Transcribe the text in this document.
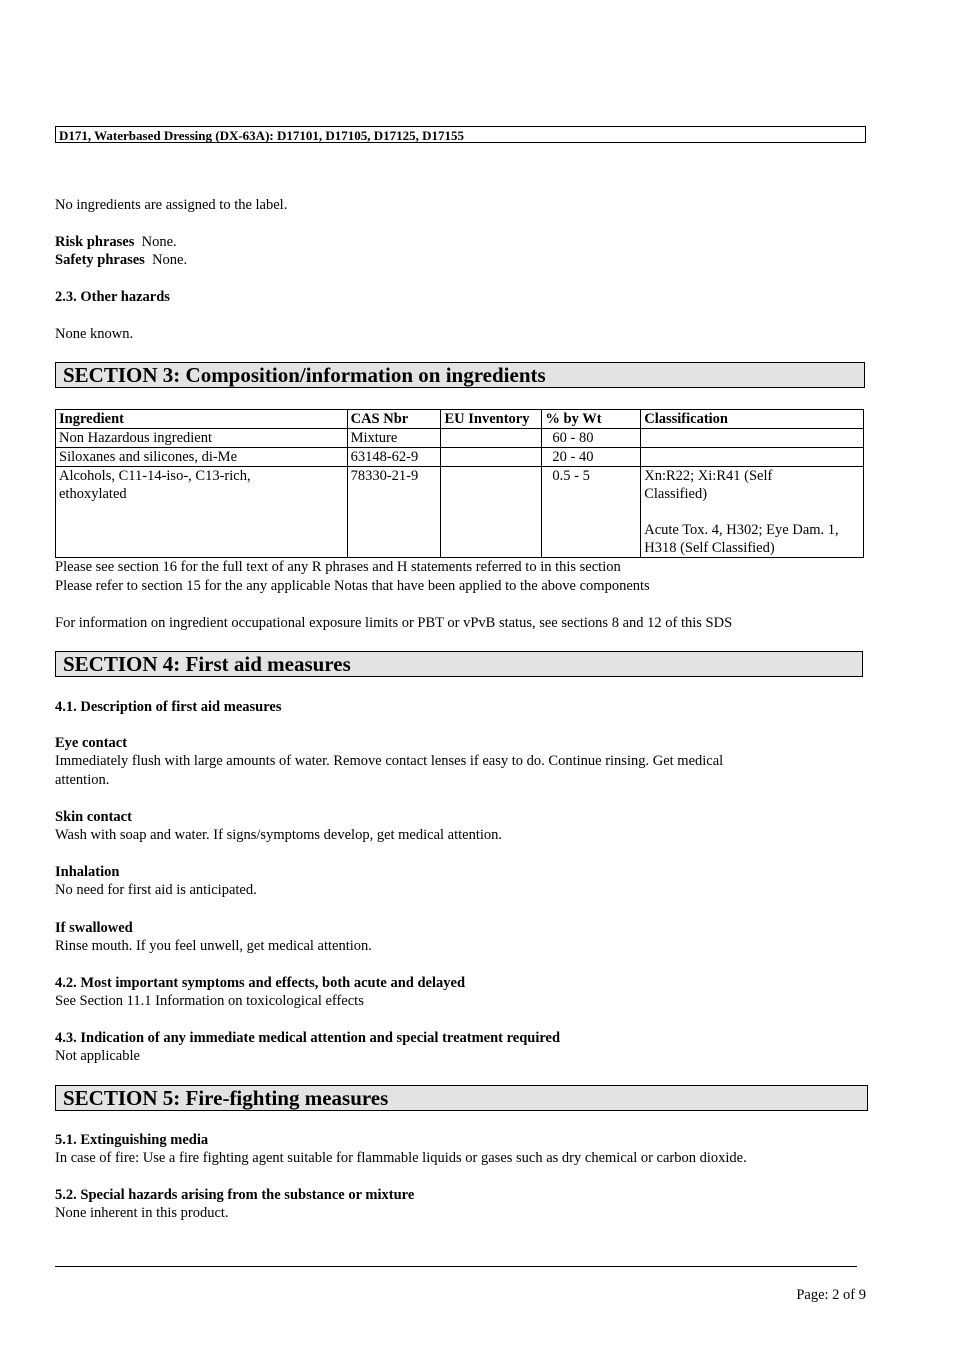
D171, Waterbased Dressing (DX-63A): D17101, D17105, D17125, D17155
No ingredients are assigned to the label.
Risk phrases None.
Safety phrases None.
2.3. Other hazards
None known.
SECTION 3: Composition/information on ingredients
Ingredient	CAS Nbr	EU Inventory	% by Wt	Classification
Non Hazardous ingredient	Mixture		60 - 80	
Siloxanes and silicones, di-Me	63148-62-9		20 - 40	
Alcohols, C11-14-iso-, C13-rich, ethoxylated	78330-21-9		0.5 - 5	Xn:R22; Xi:R41 (Self Classified)
Acute Tox. 4, H302; Eye Dam. 1, H318 (Self Classified)
Please see section 16 for the full text of any R phrases and H statements referred to in this section
Please refer to section 15 for the any applicable Notas that have been applied to the above components
For information on ingredient occupational exposure limits or PBT or vPvB status, see sections 8 and 12 of this SDS
SECTION 4: First aid measures
4.1. Description of first aid measures
Eye contact
Immediately flush with large amounts of water. Remove contact lenses if easy to do. Continue rinsing. Get medical
attention.
Skin contact
Wash with soap and water. If signs/symptoms develop, get medical attention.
Inhalation
No need for first aid is anticipated.
If swallowed
Rinse mouth. If you feel unwell, get medical attention.
4.2. Most important symptoms and effects, both acute and delayed
See Section 11.1 Information on toxicological effects
4.3. Indication of any immediate medical attention and special treatment required
Not applicable
SECTION 5: Fire-fighting measures
5.1. Extinguishing media
In case of fire: Use a fire fighting agent suitable for flammable liquids or gases such as dry chemical or carbon dioxide.
5.2. Special hazards arising from the substance or mixture
None inherent in this product.
Page: 2 of 9
